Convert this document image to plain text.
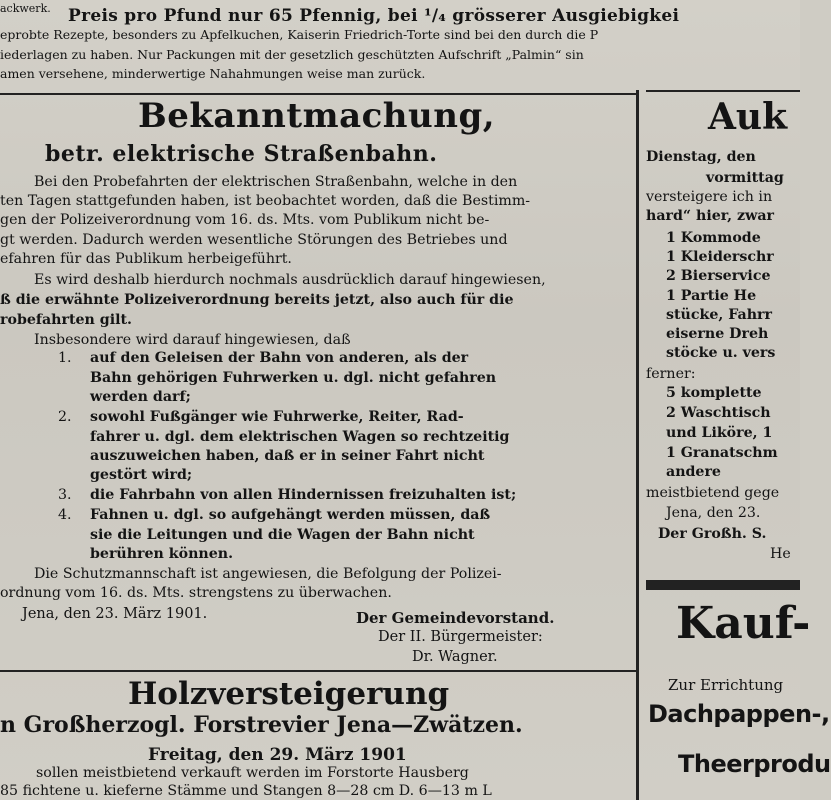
ackwerk. Preis pro Pfund nur 65 Pfennig, bei ¹/₄ grösserer Ausgiebigkei
eprobte Rezepte, besonders zu Apfelkuchen, Kaiserin Friedrich-Torte sind bei den durch die P
iederlagen zu haben. Nur Packungen mit der gesetzlich geschützten Aufschrift „Palmin“ sin
amen versehene, minderwertige Nahahmungen weise man zurück.
Bekanntmachung,
betr. elektrische Straßenbahn.
Bei den Probefahrten der elektrischen Straßenbahn, welche in den
ten Tagen stattgefunden haben, ist beobachtet worden, daß die Bestimm-
gen der Polizeiverordnung vom 16. ds. Mts. vom Publikum nicht be-
gt werden. Dadurch werden wesentliche Störungen des Betriebes und
efahren für das Publikum herbeigeführt.
Es wird deshalb hierdurch nochmals ausdrücklich darauf hingewiesen,
ß die erwähnte Polizeiverordnung bereits jetzt, also auch für die
robefahrten gilt.
Insbesondere wird darauf hingewiesen, daß
1. auf den Geleisen der Bahn von anderen, als der
Bahn gehörigen Fuhrwerken u. dgl. nicht gefahren
werden darf;
2. sowohl Fußgänger wie Fuhrwerke, Reiter, Rad-
fahrer u. dgl. dem elektrischen Wagen so rechtzeitig
auszuweichen haben, daß er in seiner Fahrt nicht
gestört wird;
3. die Fahrbahn von allen Hindernissen freizuhalten ist;
4. Fahnen u. dgl. so aufgehängt werden müssen, daß
sie die Leitungen und die Wagen der Bahn nicht
berühren können.
Die Schutzmannschaft ist angewiesen, die Befolgung der Polizei-
ordnung vom 16. ds. Mts. strengstens zu überwachen.
Jena, den 23. März 1901.	Der Gemeindevorstand.
Der II. Bürgermeister:
Dr. Wagner.
Holzversteigerung
n Großherzogl. Forstrevier Jena—Zwätzen.
Freitag, den 29. März 1901
sollen meistbietend verkauft werden im Forstorte Hausberg
85 fichtene u. kieferne Stämme und Stangen 8—28 cm D. 6—13 m L
Auk
Dienstag, den
vormittag
versteigere ich in
hard“ hier, zwar
1 Kommode
1 Kleiderschr
2 Bierservice
1 Partie He
stücke, Fahrr
eiserne Dreh
stöcke u. vers
ferner:
5 komplette
2 Waschtisch
und Liköre, 1
1 Granatschm
andere
meistbietend gege
Jena, den 23.
Der Großh. S.
He
Kauf-
Zur Errichtung
Dachpappen-,
Theerprodu
